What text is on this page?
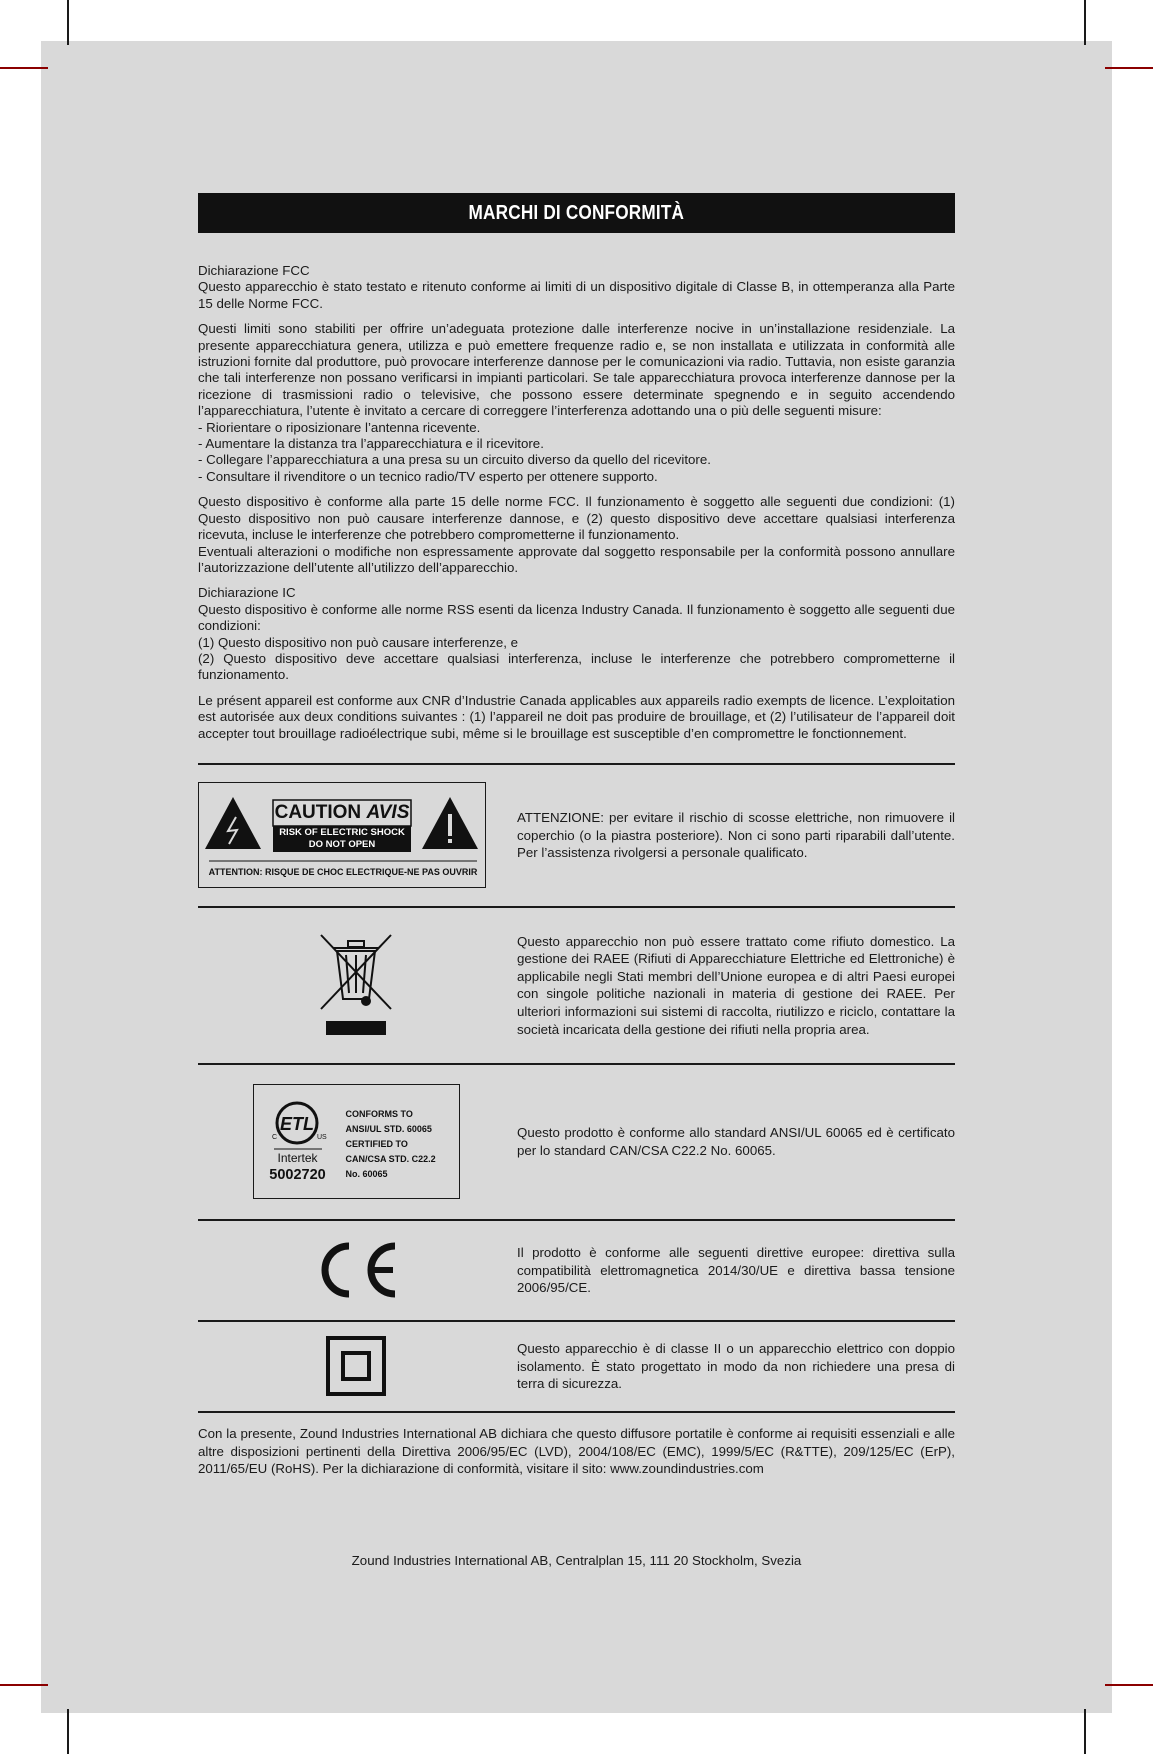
MARCHI DI CONFORMITÀ

Dichiarazione FCC

Questo apparecchio è stato testato e ritenuto conforme ai limiti di un dispositivo digitale di Classe B, in ottemperanza alla Parte 15 delle Norme FCC.

Questi limiti sono stabiliti per offrire un’adeguata protezione dalle interferenze nocive in un’installazione residenziale. La presente apparecchiatura genera, utilizza e può emettere frequenze radio e, se non installata e utilizzata in conformità alle istruzioni fornite dal produttore, può provocare interferenze dannose per le comunicazioni via radio. Tuttavia, non esiste garanzia che tali interferenze non possano verificarsi in impianti particolari. Se tale apparecchiatura provoca interferenze dannose per la ricezione di trasmissioni radio o televisive, che possono essere determinate spegnendo e in seguito accendendo l’apparecchiatura, l’utente è invitato a cercare di correggere l’interferenza adottando una o più delle seguenti misure:

- Riorientare o riposizionare l’antenna ricevente.

- Aumentare la distanza tra l’apparecchiatura e il ricevitore.

- Collegare l’apparecchiatura a una presa su un circuito diverso da quello del ricevitore.

- Consultare il rivenditore o un tecnico radio/TV esperto per ottenere supporto.

Questo dispositivo è conforme alla parte 15 delle norme FCC. Il funzionamento è soggetto alle seguenti due condizioni: (1) Questo dispositivo non può causare interferenze dannose, e (2) questo dispositivo deve accettare qualsiasi interferenza ricevuta, incluse le interferenze che potrebbero comprometterne il funzionamento.

Eventuali alterazioni o modifiche non espressamente approvate dal soggetto responsabile per la conformità possono annullare l’autorizzazione dell’utente all’utilizzo dell’apparecchio.

Dichiarazione IC

Questo dispositivo è conforme alle norme RSS esenti da licenza Industry Canada. Il funzionamento è soggetto alle seguenti due condizioni:

(1) Questo dispositivo non può causare interferenze, e

(2) Questo dispositivo deve accettare qualsiasi interferenza, incluse le interferenze che potrebbero comprometterne il funzionamento.

Le présent appareil est conforme aux CNR d’Industrie Canada applicables aux appareils radio exempts de licence. L’exploitation est autorisée aux deux conditions suivantes : (1) l’appareil ne doit pas produire de brouillage, et (2) l’utilisateur de l’appareil doit accepter tout brouillage radioélectrique subi, même si le brouillage est susceptible d’en compromettre le fonctionnement.

CAUTION
AVIS
RISK OF ELECTRIC SHOCK
DO NOT OPEN
ATTENTION: RISQUE DE CHOC ELECTRIQUE-NE PAS OUVRIR
ATTENZIONE: per evitare il rischio di scosse elettriche, non rimuovere il coperchio (o la piastra posteriore). Non ci sono parti riparabili dall’utente. Per l’assistenza rivolgersi a personale qualificato.
Questo apparecchio non può essere trattato come rifiuto domestico. La gestione dei RAEE (Rifiuti di Apparecchiature Elettriche ed Elettroniche) è applicabile negli Stati membri dell’Unione europea e di altri Paesi europei con singole politiche nazionali in materia di gestione dei RAEE. Per ulteriori informazioni sui sistemi di raccolta, riutilizzo e riciclo, contattare la società incaricata della gestione dei rifiuti nella propria area.
ETL
C	US
Intertek
5002720
CONFORMS TO
ANSI/UL STD. 60065
CERTIFIED TO
CAN/CSA STD. C22.2
No. 60065
Questo prodotto è conforme allo standard ANSI/UL 60065 ed è certificato per lo standard CAN/CSA C22.2 No. 60065.
Il prodotto è conforme alle seguenti direttive europee: direttiva sulla compatibilità elettromagnetica 2014/30/UE e direttiva bassa tensione 2006/95/CE.
Questo apparecchio è di classe II o un apparecchio elettrico con doppio isolamento. È stato progettato in modo da non richiedere una presa di terra di sicurezza.
Con la presente, Zound Industries International AB dichiara che questo diffusore portatile è conforme ai requisiti essenziali e alle altre disposizioni pertinenti della Direttiva 2006/95/EC (LVD), 2004/108/EC (EMC), 1999/5/EC (R&TTE), 209/125/EC (ErP), 2011/65/EU (RoHS). Per la dichiarazione di conformità, visitare il sito: www.zoundindustries.com
Zound Industries International AB, Centralplan 15, 111 20 Stockholm, Svezia
